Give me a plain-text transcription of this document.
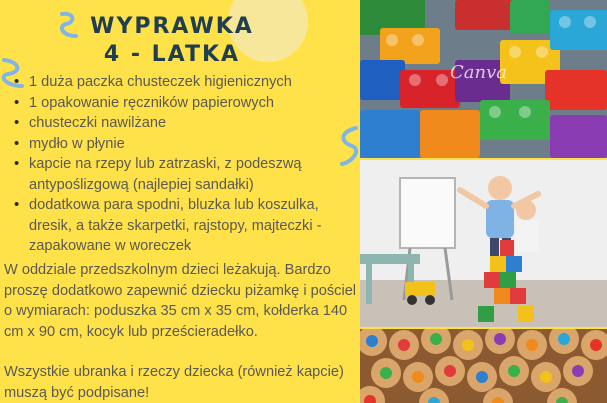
WYPRAWKA
4 - LATKA
• 1 duża paczka chusteczek higienicznych
• 1 opakowanie ręczników papierowych
• chusteczki nawilżane
• mydło w płynie
• kapcie na rzepy lub zatrzaski, z podeszwą antypoślizgową (najlepiej sandałki)
• dodatkowa para spodni, bluzka lub koszulka, dresik, a także skarpetki, rajstopy, majteczki - zapakowane w woreczek

W oddziale przedszkolnym dzieci leżakują. Bardzo proszę dodatkowo zapewnić dziecku piżamkę i pościel o wymiarach: poduszka 35 cm x 35 cm, kołderka 140 cm x 90 cm, kocyk lub prześcieradełko.

Wszystkie ubranka i rzeczy dziecka (również kapcie) muszą być podpisane!

Canva
